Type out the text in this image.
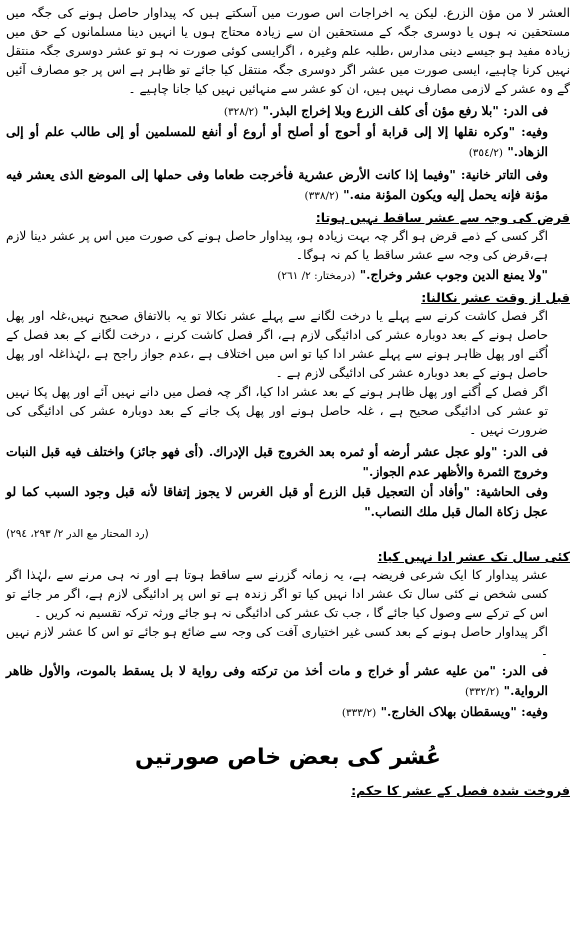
العشر لا من مؤن الزرع. لیکن یہ اخراجات اس صورت میں آسکتے ہیں کہ پیداوار حاصل ہونے کی جگہ میں مستحقین نہ ہوں یا دوسری جگہ کے مستحقین ان سے زیادہ محتاج ہوں یا انہیں دینا مسلمانوں کے حق میں زیادہ مفید ہو جیسے دینی مدارس ،طلبہ علم وغیرہ ، اگرایسی کوئی صورت نہ ہو تو عشر دوسری جگہ منتقل نہیں کرنا چاہیے، ایسی صورت میں عشر اگر دوسری جگہ منتقل کیا جائے تو ظاہر ہے اس پر جو مصارف آئیں گے وہ عشر کے لازمی مصارف نہیں ہیں، ان کو عشر سے منہائیں نہیں کیا جانا چاہیے ۔

فی الدر: "بلا رفع مؤن أی كلف الزرع وبلا إخراج البذر." (٣٢٨/٢)

وفیه: "وكره نقلها إلا إلی قرابة أو أحوج أو أصلح أو أروع أو أنفع للمسلمین أو إلی طالب علم أو إلی الزهاد." (٣٥٤/٢)

وفی التاتر خانیة: "وفیما إذا كانت الأرض عشریة فأخرجت طعاما وفی حملها إلی الموضع الذی یعشر فیه مؤنة فإنه یحمل إلیه ویكون المؤنة منه." (٣٣٨/٢)

قرض کی وجہ سے عشر ساقط نہیں ہوتا:

اگر کسی کے ذمے قرض ہو اگر چہ بہت زیادہ ہو، پیداوار حاصل ہونے کی صورت میں اس پر عشر دینا لازم ہے،قرض کی وجہ سے عشر ساقط یا کم نہ ہوگا۔

"ولا یمنع الدین وجوب عشر وخراج." (درمختار: ٢/ ٢٦١)

قبل از وقت عشر نکالنا:

اگر فصل کاشت کرنے سے پہلے یا درخت لگانے سے پہلے عشر نکالا تو یہ بالاتفاق صحیح نہیں،غلہ اور پھل حاصل ہونے کے بعد دوبارہ عشر کی ادائیگی لازم ہے، اگر فصل کاشت کرنے ، درخت لگانے کے بعد فصل کے اُگنے اور پھل ظاہر ہونے سے پہلے عشر ادا کیا تو اس میں اختلاف ہے ،عدم جواز راجح ہے ،لہٰذاغلہ اور پھل حاصل ہونے کے بعد دوبارہ عشر کی ادائیگی لازم ہے ۔

اگر فصل کے اُگنے اور پھل ظاہر ہونے کے بعد عشر ادا کیا، اگر چہ فصل میں دانے نہیں آئے اور پھل پکا نہیں تو عشر کی ادائیگی صحیح ہے ، غلہ حاصل ہونے اور پھل پک جانے کے بعد دوبارہ عشر کی ادائیگی کی ضرورت نہیں ۔

فی الدر: "ولو عجل عشر أرضه أو ثمره بعد الخروج قبل الإدراك. (أی فهو جائز) واختلف فیه قبل النبات وخروج الثمرة والأظهر عدم الجواز."

وفی الحاشیة: "وأفاد أن التعجیل قبل الزرع أو قبل الغرس لا یجوز إتفاقا لأنه قبل وجود السبب كما لو عجل زكاة المال قبل ملك النصاب."

(رد المحتار مع الدر ٢/ ٢٩٣، ٢٩٤)

کئی سال تک عشر ادا نہیں کیا:

عشر پیداوار کا ایک شرعی فریضہ ہے، یہ زمانہ گزرنے سے ساقط ہوتا ہے اور نہ ہی مرنے سے ،لہٰذا اگر کسی شخص نے کئی سال تک عشر ادا نہیں کیا تو اگر زندہ ہے تو اس پر ادائیگی لازم ہے، اگر مر جائے تو اس کے ترکے سے وصول کیا جائے گا ، جب تک عشر کی ادائیگی نہ ہو جائے ورثہ ترکہ تقسیم نہ کریں ۔

اگر پیداوار حاصل ہونے کے بعد کسی غیر اختیاری آفت کی وجہ سے ضائع ہو جائے تو اس کا عشر لازم نہیں ۔

فی الدر: "من علیه عشر أو خراج و مات أخذ من تركته وفی روایة لا بل یسقط بالموت، والأول ظاهر الروایة." (٣٣٢/٢)

وفیه: "ویسقطان بهلاک الخارج." (٣٣٣/٢)

عُشر کی بعض خاص صورتیں

فروخت شدہ فصل کے عشر کا حکم:
